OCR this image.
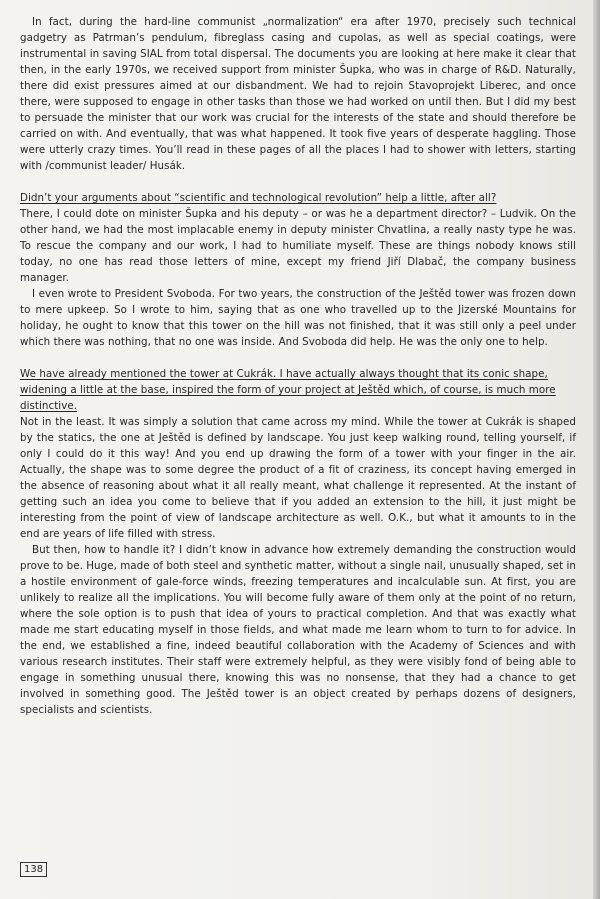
In fact, during the hard-line communist „normalization“ era after 1970, precisely such technical gadgetry as Patrman’s pendulum, fibreglass casing and cupolas, as well as special coatings, were instrumental in saving SIAL from total dispersal. The documents you are looking at here make it clear that then, in the early 1970s, we received support from minister Šupka, who was in charge of R&D. Naturally, there did exist pressures aimed at our disbandment. We had to rejoin Stavoprojekt Liberec, and once there, were supposed to engage in other tasks than those we had worked on until then. But I did my best to persuade the minister that our work was crucial for the interests of the state and should therefore be carried on with. And eventually, that was what happened. It took five years of desperate haggling. Those were utterly crazy times. You’ll read in these pages of all the places I had to shower with letters, starting with /communist leader/ Husák.

Didn’t your arguments about “scientific and technological revolution” help a little, after all?

There, I could dote on minister Šupka and his deputy – or was he a department director? – Ludvik. On the other hand, we had the most implacable enemy in deputy minister Chvatlina, a really nasty type he was. To rescue the company and our work, I had to humiliate myself. These are things nobody knows still today, no one has read those letters of mine, except my friend Jiří Dlabač, the company business manager.

I even wrote to President Svoboda. For two years, the construction of the Ještěd tower was frozen down to mere upkeep. So I wrote to him, saying that as one who travelled up to the Jizerské Mountains for holiday, he ought to know that this tower on the hill was not finished, that it was still only a peel under which there was nothing, that no one was inside. And Svoboda did help. He was the only one to help.

We have already mentioned the tower at Cukrák. I have actually always thought that its conic shape, widening a little at the base, inspired the form of your project at Ještěd which, of course, is much more distinctive.

Not in the least. It was simply a solution that came across my mind. While the tower at Cukrák is shaped by the statics, the one at Ještěd is defined by landscape. You just keep walking round, telling yourself, if only I could do it this way! And you end up drawing the form of a tower with your finger in the air. Actually, the shape was to some degree the product of a fit of craziness, its concept having emerged in the absence of reasoning about what it all really meant, what challenge it represented. At the instant of getting such an idea you come to believe that if you added an extension to the hill, it just might be interesting from the point of view of landscape architecture as well. O.K., but what it amounts to in the end are years of life filled with stress.

But then, how to handle it? I didn’t know in advance how extremely demanding the construction would prove to be. Huge, made of both steel and synthetic matter, without a single nail, unusually shaped, set in a hostile environment of gale-force winds, freezing temperatures and incalculable sun. At first, you are unlikely to realize all the implications. You will become fully aware of them only at the point of no return, where the sole option is to push that idea of yours to practical completion. And that was exactly what made me start educating myself in those fields, and what made me learn whom to turn to for advice. In the end, we established a fine, indeed beautiful collaboration with the Academy of Sciences and with various research institutes. Their staff were extremely helpful, as they were visibly fond of being able to engage in something unusual there, knowing this was no nonsense, that they had a chance to get involved in something good. The Ještěd tower is an object created by perhaps dozens of designers, specialists and scientists.

138
